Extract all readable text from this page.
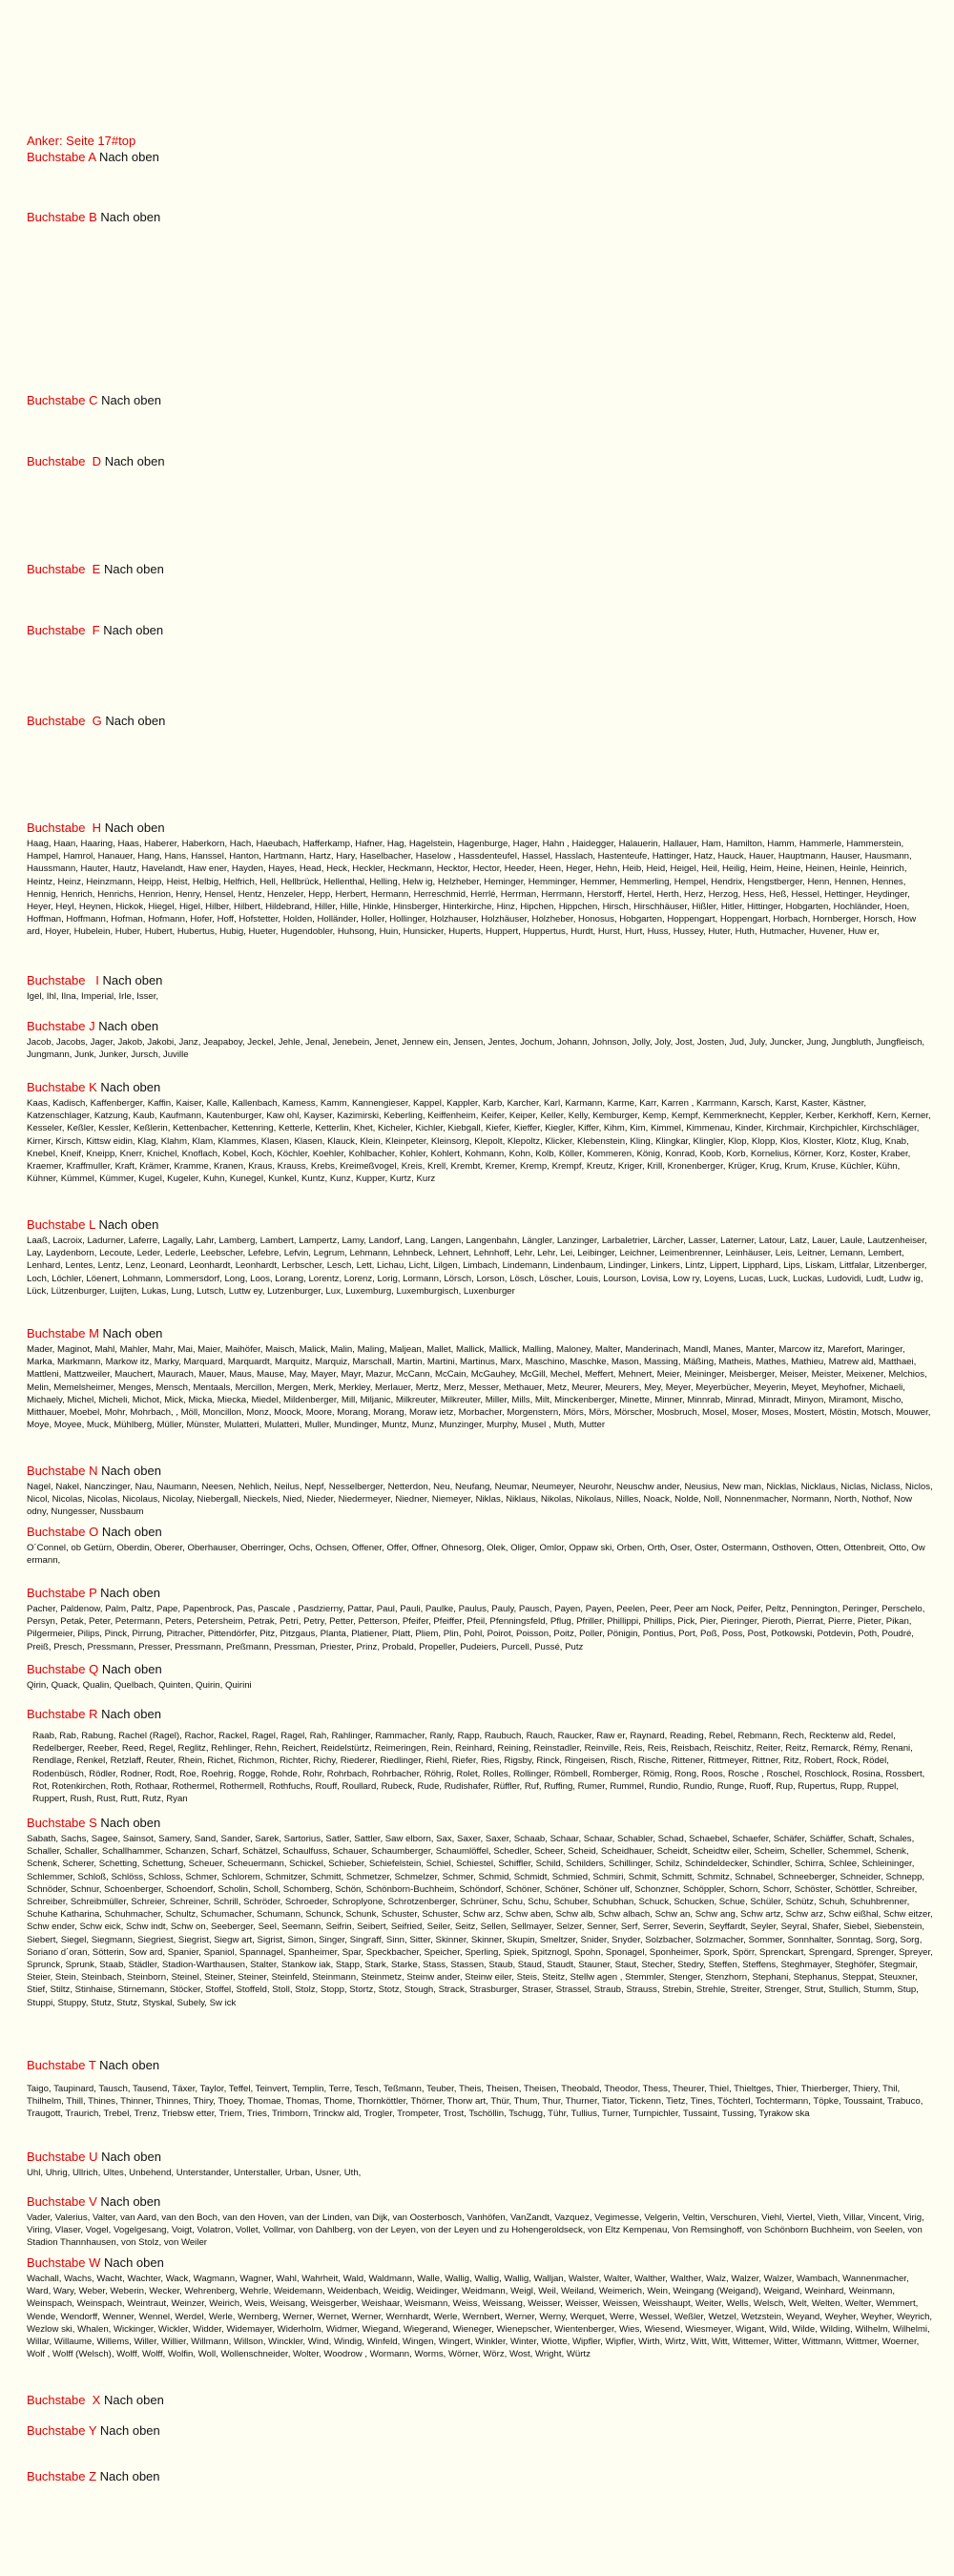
Anker: Seite 17#top
Buchstabe A Nach oben
Buchstabe B Nach oben
Buchstabe C Nach oben
Buchstabe D Nach oben
Buchstabe E Nach oben
Buchstabe F Nach oben
Buchstabe G Nach oben
Buchstabe H Nach oben
Haag, Haan, Haaring, Haas, Haberer, Haberkorn, Hach, Haeubach, Hafferkamp, Hafner, Hag, Hagelstein, Hagenburge, Hager, Hahn , Haidegger, Halauerin, Hallauer, Ham, Hamilton, Hamm, Hammerle, Hammerstein, Hampel, Hamrol, Hanauer, Hang, Hans, Hanssel, Hanton, Hartmann, Hartz, Hary, Haselbacher, Haselow , Hassdenteufel, Hassel, Hasslach, Hastenteufe, Hattinger, Hatz, Hauck, Hauer, Hauptmann, Hauser, Hausmann, Haussmann, Hauter, Hautz, Havelandt, Haw ener, Hayden, Hayes, Head, Heck, Heckler, Heckmann, Hecktor, Hector, Heeder, Heen, Heger, Hehn, Heib, Heid, Heigel, Heil, Heilig, Heim, Heine, Heinen, Heinle, Heinrich, Heintz, Heinz, Heinzmann, Heipp, Heist, Helbig, Helfrich, Hell, Hellbrück, Hellenthal, Helling, Helw ig, Helzheber, Heminger, Hemminger, Hemmer, Hemmerling, Hempel, Hendrix, Hengstberger, Henn, Hennen, Hennes, Hennig, Henrich, Henrichs, Henrion, Henry, Hensel, Hentz, Henzeler, Hepp, Herbert, Hermann, Herreschmid, Herrlé, Herrman, Herrmann, Herstorff, Hertel, Herth, Herz, Herzog, Hess, Heß, Hessel, Hettinger, Heydinger, Heyer, Heyl, Heynen, Hickok, Hiegel, Higel, Hilber, Hilbert, Hildebrand, Hiller, Hille, Hinkle, Hinsberger, Hinterkirche, Hinz, Hipchen, Hippchen, Hirsch, Hirschhäuser, Hißler, Hitler, Hittinger, Hobgarten, Hochländer, Hoen, Hoffman, Hoffmann, Hofman, Hofmann, Hofer, Hoff, Hofstetter, Holden, Holländer, Holler, Hollinger, Holzhauser, Holzhäuser, Holzheber, Honosus, Hobgarten, Hoppengart, Hoppengart, Horbach, Hornberger, Horsch, How ard, Hoyer, Hubelein, Huber, Hubert, Hubertus, Hubig, Hueter, Hugendobler, Huhsong, Huin, Hunsicker, Huperts, Huppert, Huppertus, Hurdt, Hurst, Hurt, Huss, Hussey, Huter, Huth, Hutmacher, Huvener, Huw er,
Buchstabe I Nach oben
Igel, Ihl, Ilna, Imperial, Irle, Isser,
Buchstabe J Nach oben
Jacob, Jacobs, Jager, Jakob, Jakobi, Janz, Jeapaboy, Jeckel, Jehle, Jenal, Jenebein, Jenet, Jennew ein, Jensen, Jentes, Jochum, Johann, Johnson, Jolly, Joly, Jost, Josten, Jud, July, Juncker, Jung, Jungbluth, Jungfleisch, Jungmann, Junk, Junker, Jursch, Juville
Buchstabe K Nach oben
Kaas, Kadisch, Kaffenberger, Kaffin, Kaiser, Kalle, Kallenbach, Kamess, Kamm, Kannengieser, Kappel, Kappler, Karb, Karcher, Karl, Karmann, Karme, Karr, Karren , Karrmann, Karsch, Karst, Kaster, Kästner, Katzenschlager, Katzung, Kaub, Kaufmann, Kautenburger, Kaw ohl, Kayser, Kazimirski, Keberling, Keiffenheim, Keifer, Keiper, Keller, Kelly, Kemburger, Kemp, Kempf, Kemmerknecht, Keppler, Kerber, Kerkhoff, Kern, Kerner, Kesseler, Keßler, Kessler, Keßlerin, Kettenbacher, Kettenring, Ketterle, Ketterlin, Khet, Kicheler, Kichler, Kiebgall, Kiefer, Kieffer, Kiegler, Kiffer, Kihm, Kim, Kimmel, Kimmenau, Kinder, Kirchmair, Kirchpichler, Kirchschläger, Kirner, Kirsch, Kittsw eidin, Klag, Klahm, Klam, Klammes, Klasen, Klasen, Klauck, Klein, Kleinpeter, Kleinsorg, Klepolt, Klepoltz, Klicker, Klebenstein, Kling, Klingkar, Klingler, Klop, Klopp, Klos, Kloster, Klotz, Klug, Knab, Knebel, Kneif, Kneipp, Knerr, Knichel, Knoflach, Kobel, Koch, Köchler, Koehler, Kohlbacher, Kohler, Kohlert, Kohmann, Kohn, Kolb, Köller, Kommeren, König, Konrad, Koob, Korb, Kornelius, Körner, Korz, Koster, Kraber, Kraemer, Kraffmuller, Kraft, Krämer, Kramme, Kranen, Kraus, Krauss, Krebs, Kreimeßvogel, Kreis, Krell, Krembt, Kremer, Kremp, Krempf, Kreutz, Kriger, Krill, Kronenberger, Krüger, Krug, Krum, Kruse, Küchler, Kühn, Kühner, Kümmel, Kümmer, Kugel, Kugeler, Kuhn, Kunegel, Kunkel, Kuntz, Kunz, Kupper, Kurtz, Kurz
Buchstabe L Nach oben
Laaß, Lacroix, Ladurner, Laferre, Lagally, Lahr, Lamberg, Lambert, Lampertz, Lamy, Landorf, Lang, Langen, Langenbahn, Längler, Lanzinger, Larbaletrier, Lärcher, Lasser, Laterner, Latour, Latz, Lauer, Laule, Lautzenheiser, Lay, Laydenborn, Lecoute, Leder, Lederle, Leebscher, Lefebre, Lefvin, Legrum, Lehmann, Lehnbeck, Lehnert, Lehnhoff, Lehr, Lehr, Lei, Leibinger, Leichner, Leimenbrenner, Leinhäuser, Leis, Leitner, Lemann, Lembert, Lenhard, Lentes, Lentz, Lenz, Leonard, Leonhardt, Leonhardt, Lerbscher, Lesch, Lett, Lichau, Licht, Lilgen, Limbach, Lindemann, Lindenbaum, Lindinger, Linkers, Lintz, Lippert, Lipphard, Lips, Liskam, Littfalar, Litzenberger, Loch, Löchler, Löenert, Lohmann, Lommersdorf, Long, Loos, Lorang, Lorentz, Lorenz, Lorig, Lormann, Lörsch, Lorson, Lösch, Löscher, Louis, Lourson, Lovisa, Low ry, Loyens, Lucas, Luck, Luckas, Ludovidi, Ludt, Ludw ig, Lück, Lützenburger, Luijten, Lukas, Lung, Lutsch, Luttw ey, Lutzenburger, Lux, Luxemburg, Luxemburgisch, Luxenburger
Buchstabe M Nach oben
Mader, Maginot, Mahl, Mahler, Mahr, Mai, Maier, Maihöfer, Maisch, Malick, Malin, Maling, Maljean, Mallet, Mallick, Mallick, Malling, Maloney, Malter, Manderinach, Mandl, Manes, Manter, Marcow itz, Marefort, Maringer, Marka, Markmann, Markow itz, Marky, Marquard, Marquardt, Marquitz, Marquiz, Marschall, Martin, Martini, Martinus, Marx, Maschino, Maschke, Mason, Massing, Mäßing, Matheis, Mathes, Mathieu, Matrew ald, Matthaei, Mattleni, Mattzweiler, Mauchert, Maurach, Mauer, Maus, Mause, May, Mayer, Mayr, Mazur, McCann, McCain, McGauhey, McGill, Mechel, Meffert, Mehnert, Meier, Meininger, Meisberger, Meiser, Meister, Meixener, Melchios, Melin, Memelsheimer, Menges, Mensch, Mentaals, Mercillon, Mergen, Merk, Merkley, Merlauer, Mertz, Merz, Messer, Methauer, Metz, Meurer, Meurers, Mey, Meyer, Meyerbücher, Meyerin, Meyet, Meyhofner, Michaeli, Michaely, Michel, Micheli, Michot, Mick, Micka, Miecka, Miedel, Mildenberger, Mill, Miljanic, Milkreuter, Milkreuter, Miller, Mills, Milt, Minckenberger, Minette, Minner, Minnrab, Minrad, Minradt, Minyon, Miramont, Mischo, Mitthauer, Moebel, Mohr, Mohrbach, , Möll, Moncillon, Monz, Moock, Moore, Morang, Morang, Moraw ietz, Morbacher, Morgenstern, Mörs, Mörs, Mörscher, Mosbruch, Mosel, Moser, Moses, Mostert, Möstin, Motsch, Mouwer, Moye, Moyee, Muck, Mühlberg, Müller, Münster, Mulatteri, Mulatteri, Muller, Mundinger, Muntz, Munz, Munzinger, Murphy, Musel , Muth, Mutter
Buchstabe N Nach oben
Nagel, Nakel, Nanczinger, Nau, Naumann, Neesen, Nehlich, Neilus, Nepf, Nesselberger, Netterdon, Neu, Neufang, Neumar, Neumeyer, Neurohr, Neuschw ander, Neusius, New man, Nicklas, Nicklaus, Niclas, Niclass, Niclos, Nicol, Nicolas, Nicolas, Nicolaus, Nicolay, Niebergall, Nieckels, Nied, Nieder, Niedermeyer, Niedner, Niemeyer, Niklas, Niklaus, Nikolas, Nikolaus, Nilles, Noack, Nolde, Noll, Nonnenmacher, Normann, North, Nothof, Now odny, Nungesser, Nussbaum
Buchstabe O Nach oben
O´Connel, ob Getürn, Oberdin, Oberer, Oberhauser, Oberringer, Ochs, Ochsen, Offener, Offer, Offner, Ohnesorg, Olek, Oliger, Omlor, Oppaw ski, Orben, Orth, Oser, Oster, Ostermann, Osthoven, Otten, Ottenbreit, Otto, Ow ermann,
Buchstabe P Nach oben
Pacher, Paldenow, Palm, Paltz, Pape, Papenbrock, Pas, Pascale , Pasdzierny, Pattar, Paul, Pauli, Paulke, Paulus, Pauly, Pausch, Payen, Payen, Peelen, Peer, Peer am Nock, Peifer, Peltz, Pennington, Peringer, Perschelo, Persyn, Petak, Peter, Petermann, Peters, Petersheim, Petrak, Petri, Petry, Petter, Petterson, Pfeifer, Pfeiffer, Pfeil, Pfenningsfeld, Pflug, Pfriller, Phillippi, Phillips, Pick, Pier, Pieringer, Pieroth, Pierrat, Pierre, Pieter, Pikan, Pilgermeier, Pilips, Pinck, Pirrung, Pitracher, Pittendörfer, Pitz, Pitzgaus, Planta, Platiener, Platt, Pliem, Plin, Pohl, Poirot, Poisson, Poitz, Poller, Pönigin, Pontius, Port, Poß, Poss, Post, Potkowski, Potdevin, Poth, Poudré, Preiß, Presch, Pressmann, Presser, Pressmann, Preßmann, Pressman, Priester, Prinz, Probald, Propeller, Pudeiers, Purcell, Pussé, Putz
Buchstabe Q Nach oben
Qirin, Quack, Qualin, Quelbach, Quinten, Quirin, Quirini
Buchstabe R Nach oben
Raab, Rab, Rabung, Rachel (Ragel), Rachor, Rackel, Ragel, Ragel, Rah, Rahlinger, Rammacher, Ranly, Rapp, Raubuch, Rauch, Raucker, Raw er, Raynard, Reading, Rebel, Rebmann, Rech, Recktenw ald, Redel, Redelberger, Reeber, Reed, Regel, Reglitz, Rehlinger, Rehn, Reichert, Reidelstürtz, Reimeringen, Rein, Reinhard, Reining, Reinstadler, Reinville, Reis, Reis, Reisbach, Reischitz, Reiter, Reitz, Remarck, Rémy, Renani, Rendlage, Renkel, Retzlaff, Reuter, Rhein, Richet, Richmon, Richter, Richy, Riederer, Riedlinger, Riehl, Riefer, Ries, Rigsby, Rinck, Ringeisen, Risch, Rische, Rittener, Rittmeyer, Rittner, Ritz, Robert, Rock, Rödel, Rodenbüsch, Rödler, Rodner, Rodt, Roe, Roehrig, Rogge, Rohde, Rohr, Rohrbach, Rohrbacher, Röhrig, Rolet, Rolles, Rollinger, Römbell, Romberger, Römig, Rong, Roos, Rosche , Roschel, Roschlock, Rosina, Rossbert, Rot, Rotenkirchen, Roth, Rothaar, Rothermel, Rothermell, Rothfuchs, Rouff, Roullard, Rubeck, Rude, Rudishafer, Rüffler, Ruf, Ruffing, Rumer, Rummel, Rundio, Rundio, Runge, Ruoff, Rup, Rupertus, Rupp, Ruppel, Ruppert, Rush, Rust, Rutt, Rutz, Ryan
Buchstabe S Nach oben
Sabath, Sachs, Sagee, Sainsot, Samery, Sand, Sander, Sarek, Sartorius, Satler, Sattler, Saw elborn, Sax, Saxer, Saxer, Schaab, Schaar, Schaar, Schabler, Schad, Schaebel, Schaefer, Schäfer, Schäffer, Schaft, Schales, Schaller, Schaller, Schallhammer, Schanzen, Scharf, Schätzel, Schaulfuss, Schauer, Schaumberger, Schaumlöffel, Schedler, Scheer, Scheid, Scheidhauer, Scheidt, Scheidtw eiler, Scheim, Scheller, Schemmel, Schenk, Schenk, Scherer, Schetting, Schettung, Scheuer, Scheuermann, Schickel, Schieber, Schiefelstein, Schiel, Schiestel, Schiffler, Schild, Schilders, Schillinger, Schilz, Schindeldecker, Schindler, Schirra, Schlee, Schleininger, Schlemmer, Schloß, Schlöss, Schloss, Schmer, Schlorem, Schmitzer, Schmitt, Schmetzer, Schmelzer, Schmer, Schmid, Schmidt, Schmied, Schmiri, Schmit, Schmitt, Schmitz, Schnabel, Schneeberger, Schneider, Schnepp, Schnöder, Schnur, Schoenberger, Schoendorf, Scholin, Scholl, Schomberg, Schön, Schönborn-Buchheim, Schöndorf, Schöner, Schöner, Schöner ulf, Schonzner, Schöppler, Schorn, Schorr, Schöster, Schöttler, Schreiber, Schreiber, Schreibmüller, Schreier, Schreiner, Schrill, Schröder, Schroeder, Schroplyone, Schrotzenberger, Schrüner, Schu, Schu, Schuber, Schubhan, Schuck, Schucken, Schue, Schüler, Schütz, Schuh, Schuhbrenner, Schuhe Katharina, Schuhmacher, Schultz, Schumacher, Schumann, Schunck, Schunk, Schuster, Schuster, Schw arz, Schw aben, Schw alb, Schw albach, Schw an, Schw ang, Schw artz, Schw arz, Schw eißhal, Schw eitzer, Schw ender, Schw eick, Schw indt, Schw on, Seeberger, Seel, Seemann, Seifrin, Seibert, Seifried, Seiler, Seitz, Sellen, Sellmayer, Selzer, Senner, Serf, Serrer, Severin, Seyffardt, Seyler, Seyral, Shafer, Siebel, Siebenstein, Siebert, Siegel, Siegmann, Siegriest, Siegrist, Siegw art, Sigrist, Simon, Singer, Singraff, Sinn, Sitter, Skinner, Skinner, Skupin, Smeltzer, Snider, Snyder, Solzbacher, Solzmacher, Sommer, Sonnhalter, Sonntag, Sorg, Sorg, Soriano d´oran, Sötterin, Sow ard, Spanier, Spaniol, Spannagel, Spanheimer, Spar, Speckbacher, Speicher, Sperling, Spiek, Spitznogl, Spohn, Sponagel, Sponheimer, Spork, Spörr, Sprenckart, Sprengard, Sprenger, Spreyer, Sprunck, Sprunk, Staab, Städler, Stadion-Warthausen, Stalter, Stankow iak, Stapp, Stark, Starke, Stass, Stassen, Staub, Staud, Staudt, Stauner, Staut, Stecher, Stedry, Steffen, Steffens, Steghmayer, Steghöfer, Stegmair, Steier, Stein, Steinbach, Steinborn, Steinel, Steiner, Steiner, Steinfeld, Steinmann, Steinmetz, Steinw ander, Steinw eiler, Steis, Steitz, Stellw agen , Stemmler, Stenger, Stenzhorn, Stephani, Stephanus, Steppat, Steuxner, Stief, Stiltz, Stinhaise, Stirnemann, Stöcker, Stoffel, Stoffeld, Stoll, Stolz, Stopp, Stortz, Stotz, Stough, Strack, Strasburger, Straser, Strassel, Straub, Strauss, Strebin, Strehle, Streiter, Strenger, Strut, Stullich, Stumm, Stup, Stuppi, Stuppy, Stutz, Stutz, Styskal, Subely, Sw ick
Buchstabe T Nach oben
Taigo, Taupinard, Tausch, Tausend, Täxer, Taylor, Teffel, Teinvert, Templin, Terre, Tesch, Teßmann, Teuber, Theis, Theisen, Theisen, Theobald, Theodor, Thess, Theurer, Thiel, Thieltges, Thier, Thierberger, Thiery, Thil, Thilhelm, Thill, Thines, Thinner, Thinnes, Thiry, Thoey, Thomae, Thomas, Thome, Thornköttler, Thörner, Thorw art, Thür, Thum, Thur, Thurner, Tiator, Tickenn, Tietz, Tines, Töchterl, Tochtermann, Töpke, Toussaint, Trabuco, Traugott, Traurich, Trebel, Trenz, Triebsw etter, Triem, Tries, Trimborn, Trinckw ald, Trogler, Trompeter, Trost, Tschöllin, Tschugg, Tühr, Tullius, Turner, Turnpichler, Tussaint, Tussing, Tyrakow ska
Buchstabe U Nach oben
Uhl, Uhrig, Ullrich, Ultes, Unbehend, Unterstander, Unterstaller, Urban, Usner, Uth,
Buchstabe V Nach oben
Vader, Valerius, Valter, van Aard, van den Boch, van den Hoven, van der Linden, van Dijk, van Oosterbosch, Vanhöfen, VanZandt, Vazquez, Vegimesse, Velgerin, Veltin, Verschuren, Viehl, Viertel, Vieth, Villar, Vincent, Virig, Viring, Vlaser, Vogel, Vogelgesang, Voigt, Volatron, Vollet, Vollmar, von Dahlberg, von der Leyen, von der Leyen und zu Hohengeroldseck, von Eltz Kempenau, Von Remsinghoff, von Schönborn Buchheim, von Seelen, von Stadion Thannhausen, von Stolz, von Weiler
Buchstabe W Nach oben
Wachall, Wachs, Wacht, Wachter, Wack, Wagmann, Wagner, Wahl, Wahrheit, Wald, Waldmann, Walle, Wallig, Wallig, Wallig, Walljan, Walster, Walter, Walther, Walther, Walz, Walzer, Walzer, Wambach, Wannenmacher, Ward, Wary, Weber, Weberin, Wecker, Wehrenberg, Wehrle, Weidemann, Weidenbach, Weidig, Weidinger, Weidmann, Weigl, Weil, Weiland, Weimerich, Wein, Weingang (Weigand), Weigand, Weinhard, Weinmann, Weinspach, Weinspach, Weintraut, Weinzer, Weirich, Weis, Weisang, Weisgerber, Weishaar, Weismann, Weiss, Weissang, Weisser, Weisser, Weissen, Weisshaupt, Weiter, Wells, Welsch, Welt, Welten, Welter, Wemmert, Wende, Wendorff, Wenner, Wennel, Werdel, Werle, Wernberg, Werner, Wernet, Werner, Wernhardt, Werle, Wernbert, Werner, Werny, Werquet, Werre, Wessel, Weßler, Wetzel, Wetzstein, Weyand, Weyher, Weyher, Weyrich, Wezlow ski, Whalen, Wickinger, Wickler, Widder, Widemayer, Widerholm, Widmer, Wiegand, Wiegerand, Wieneger, Wienepscher, Wientenberger, Wies, Wiesend, Wiesmeyer, Wigant, Wild, Wilde, Wilding, Wilhelm, Wilhelmi, Willar, Willaume, Willems, Willer, Willier, Willmann, Willson, Winckler, Wind, Windig, Winfeld, Wingen, Wingert, Winkler, Winter, Wiotte, Wipfler, Wipfler, Wirth, Wirtz, Witt, Witt, Wittemer, Witter, Wittmann, Wittmer, Woerner, Wolf , Wolff (Welsch), Wolff, Wolff, Wolfin, Woll, Wollenschneider, Wolter, Woodrow , Wormann, Worms, Wörner, Wörz, Wost, Wright, Würtz
Buchstabe X Nach oben
Buchstabe Y Nach oben
Buchstabe Z Nach oben
